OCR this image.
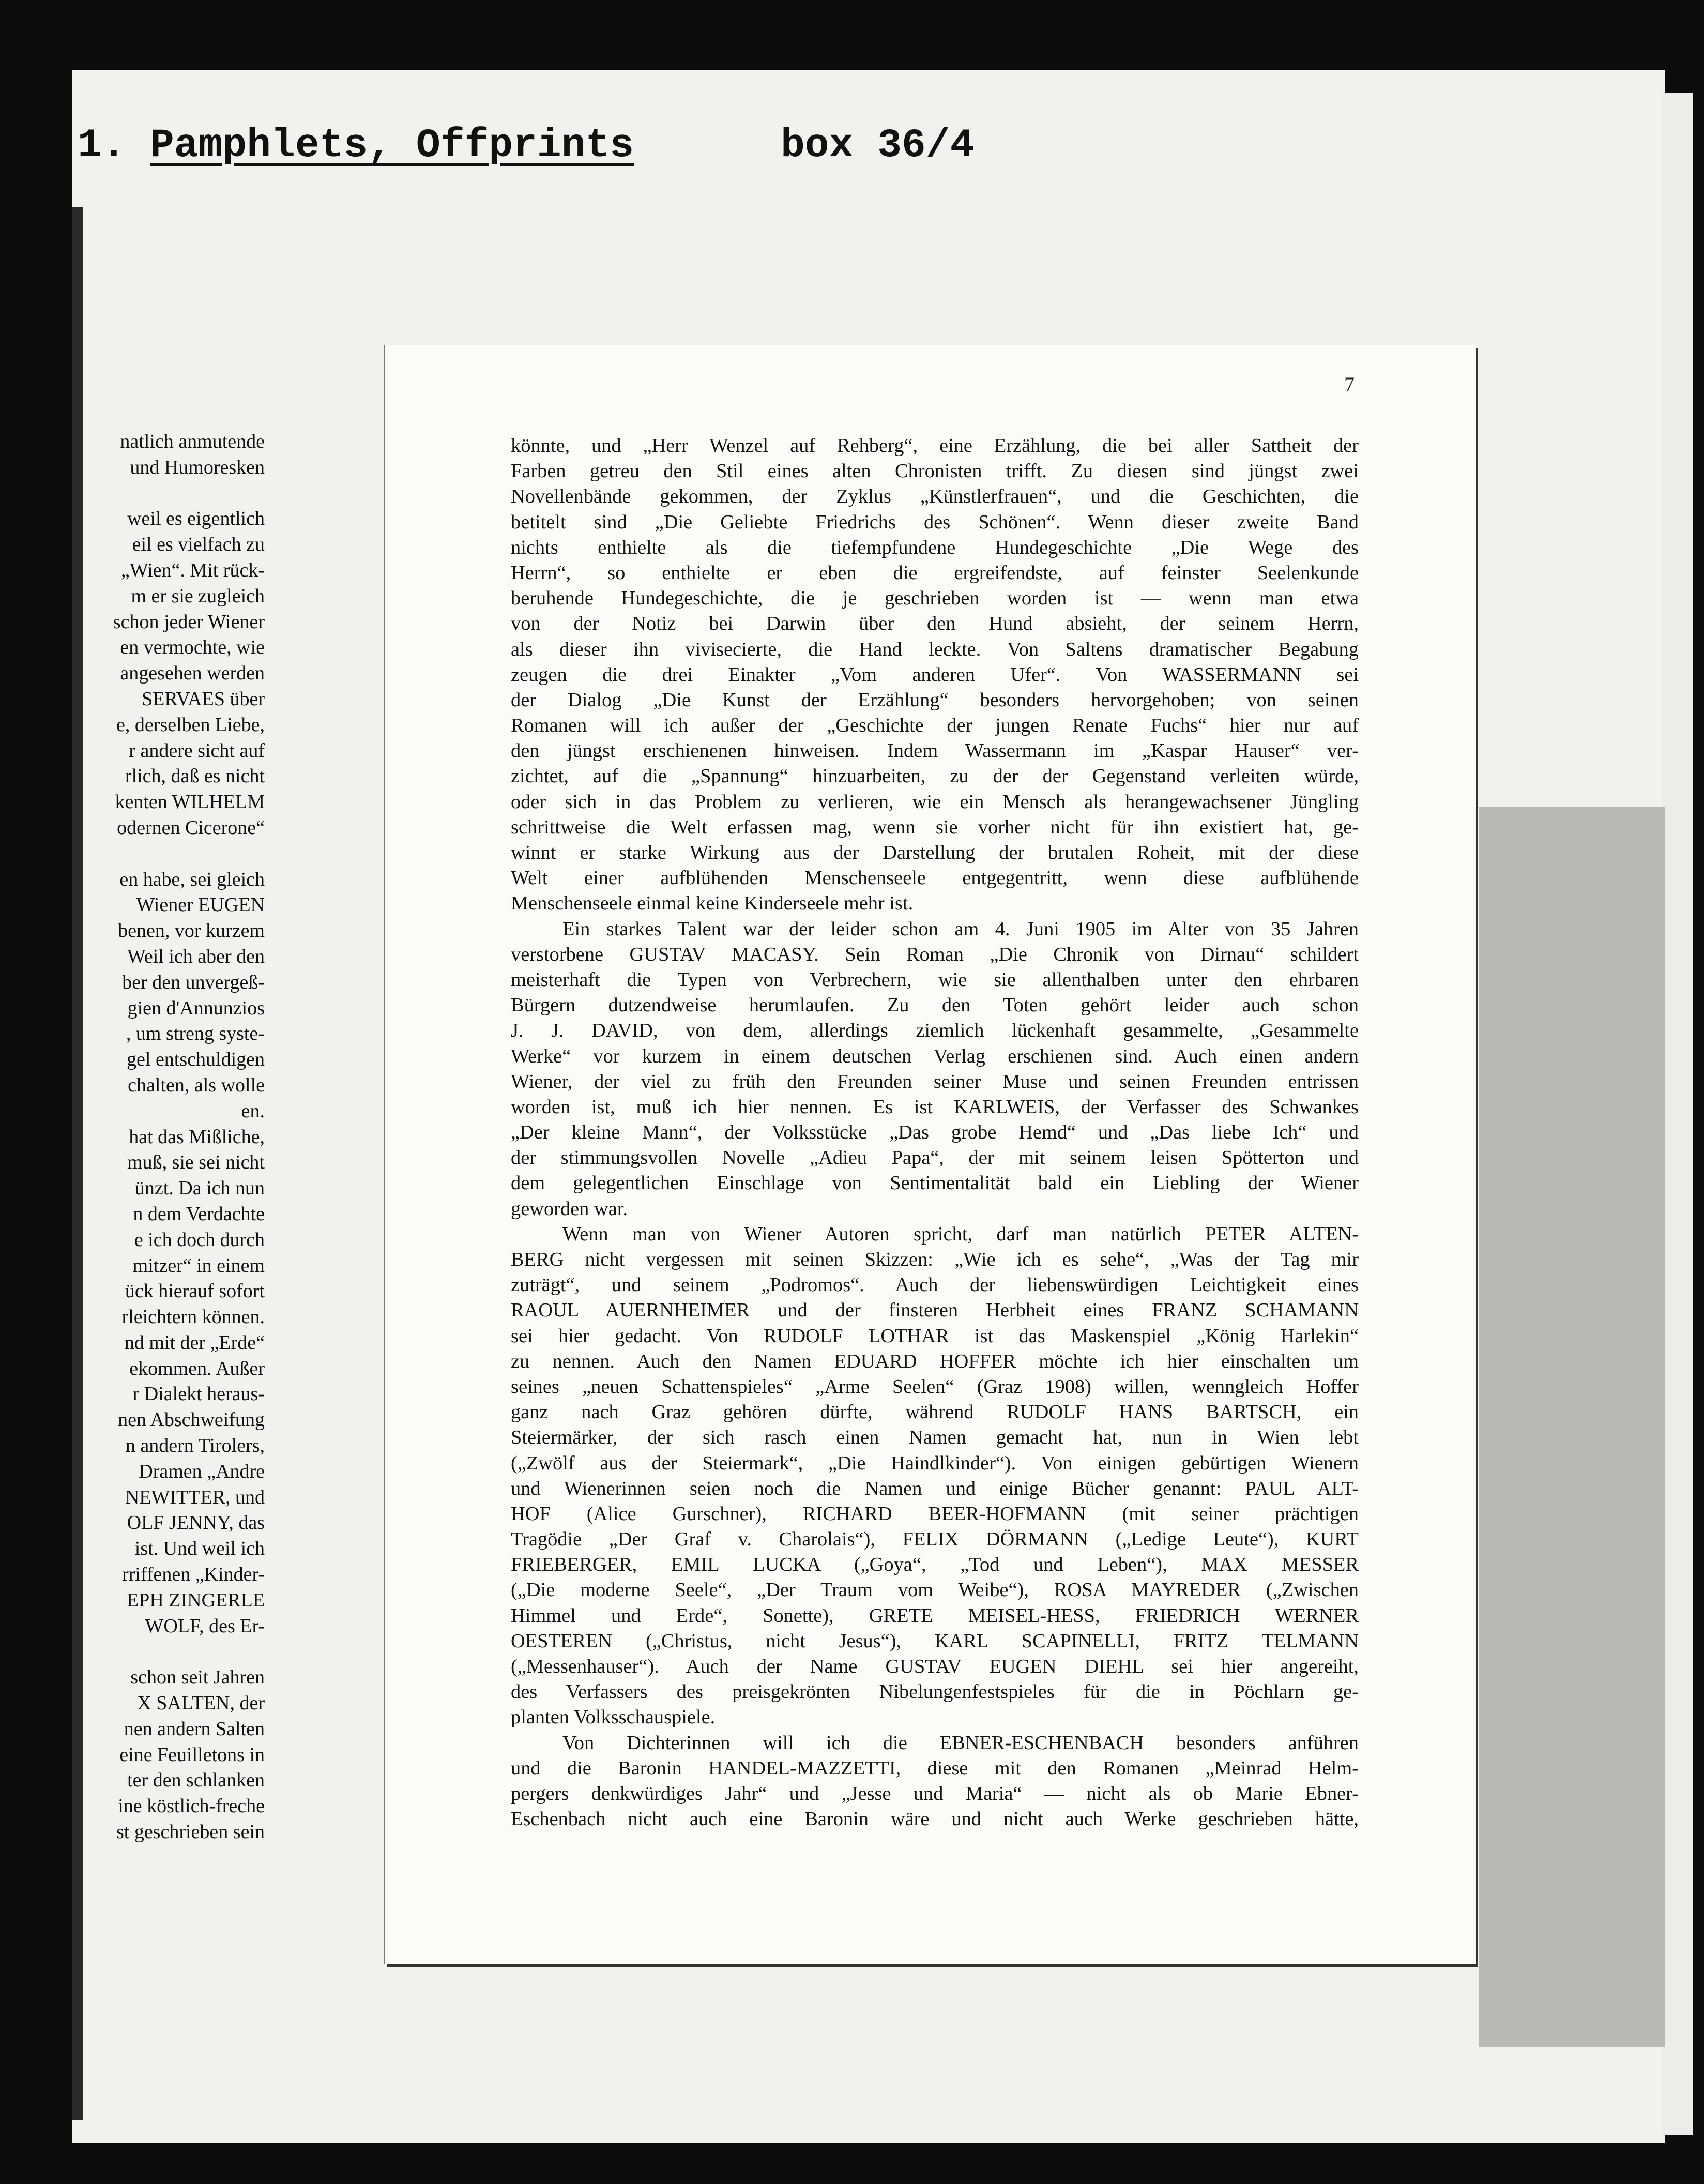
1.

Pamphlets, Offprints

	box 36/4

natlich anmutende
und Humoresken

weil es eigentlich
eil es vielfach zu
„Wien“. Mit rück-
m er sie zugleich
schon jeder Wiener
en vermochte, wie
angesehen werden
SERVAES über
e, derselben Liebe,
r andere sicht auf
rlich, daß es nicht
kenten WILHELM
odernen Cicerone“

en habe, sei gleich
Wiener EUGEN
benen, vor kurzem
Weil ich aber den
ber den unvergeß-
gien d'Annunzios
, um streng syste-
gel entschuldigen
chalten, als wolle
en.
hat das Mißliche,
muß, sie sei nicht
ünzt. Da ich nun
n dem Verdachte
e ich doch durch
mitzer“ in einem
ück hierauf sofort
rleichtern können.
nd mit der „Erde“
ekommen. Außer
r Dialekt heraus-
nen Abschweifung
n andern Tirolers,
Dramen „Andre
NEWITTER, und
OLF JENNY, das
ist. Und weil ich
rriffenen „Kinder-
EPH ZINGERLE
WOLF, des Er-

schon seit Jahren
X SALTEN, der
nen andern Salten
eine Feuilletons in
ter den schlanken
ine köstlich-freche
st geschrieben sein
7
könnte, und „Herr Wenzel auf Rehberg“, eine Erzählung, die bei aller Sattheit der
Farben getreu den Stil eines alten Chronisten trifft. Zu diesen sind jüngst zwei
Novellenbände gekommen, der Zyklus „Künstlerfrauen“, und die Geschichten, die
betitelt sind „Die Geliebte Friedrichs des Schönen“. Wenn dieser zweite Band
nichts enthielte als die tiefempfundene Hundegeschichte „Die Wege des
Herrn“, so enthielte er eben die ergreifendste, auf feinster Seelenkunde
beruhende Hundegeschichte, die je geschrieben worden ist — wenn man etwa
von der Notiz bei Darwin über den Hund absieht, der seinem Herrn,
als dieser ihn vivisecierte, die Hand leckte. Von Saltens dramatischer Begabung
zeugen die drei Einakter „Vom anderen Ufer“. Von WASSERMANN sei
der Dialog „Die Kunst der Erzählung“ besonders hervorgehoben; von seinen
Romanen will ich außer der „Geschichte der jungen Renate Fuchs“ hier nur auf
den jüngst erschienenen hinweisen. Indem Wassermann im „Kaspar Hauser“ ver-
zichtet, auf die „Spannung“ hinzuarbeiten, zu der der Gegenstand verleiten würde,
oder sich in das Problem zu verlieren, wie ein Mensch als herangewachsener Jüngling
schrittweise die Welt erfassen mag, wenn sie vorher nicht für ihn existiert hat, ge-
winnt er starke Wirkung aus der Darstellung der brutalen Roheit, mit der diese
Welt einer aufblühenden Menschenseele entgegentritt, wenn diese aufblühende
Menschenseele einmal keine Kinderseele mehr ist.
Ein starkes Talent war der leider schon am 4. Juni 1905 im Alter von 35 Jahren
verstorbene GUSTAV MACASY. Sein Roman „Die Chronik von Dirnau“ schildert
meisterhaft die Typen von Verbrechern, wie sie allenthalben unter den ehrbaren
Bürgern dutzendweise herumlaufen. Zu den Toten gehört leider auch schon
J. J. DAVID, von dem, allerdings ziemlich lückenhaft gesammelte, „Gesammelte
Werke“ vor kurzem in einem deutschen Verlag erschienen sind. Auch einen andern
Wiener, der viel zu früh den Freunden seiner Muse und seinen Freunden entrissen
worden ist, muß ich hier nennen. Es ist KARLWEIS, der Verfasser des Schwankes
„Der kleine Mann“, der Volksstücke „Das grobe Hemd“ und „Das liebe Ich“ und
der stimmungsvollen Novelle „Adieu Papa“, der mit seinem leisen Spötterton und
dem gelegentlichen Einschlage von Sentimentalität bald ein Liebling der Wiener
geworden war.
Wenn man von Wiener Autoren spricht, darf man natürlich PETER ALTEN-
BERG nicht vergessen mit seinen Skizzen: „Wie ich es sehe“, „Was der Tag mir
zuträgt“, und seinem „Podromos“. Auch der liebenswürdigen Leichtigkeit eines
RAOUL AUERNHEIMER und der finsteren Herbheit eines FRANZ SCHAMANN
sei hier gedacht. Von RUDOLF LOTHAR ist das Maskenspiel „König Harlekin“
zu nennen. Auch den Namen EDUARD HOFFER möchte ich hier einschalten um
seines „neuen Schattenspieles“ „Arme Seelen“ (Graz 1908) willen, wenngleich Hoffer
ganz nach Graz gehören dürfte, während RUDOLF HANS BARTSCH, ein
Steiermärker, der sich rasch einen Namen gemacht hat, nun in Wien lebt
(„Zwölf aus der Steiermark“, „Die Haindlkinder“). Von einigen gebürtigen Wienern
und Wienerinnen seien noch die Namen und einige Bücher genannt: PAUL ALT-
HOF (Alice Gurschner), RICHARD BEER-HOFMANN (mit seiner prächtigen
Tragödie „Der Graf v. Charolais“), FELIX DÖRMANN („Ledige Leute“), KURT
FRIEBERGER, EMIL LUCKA („Goya“, „Tod und Leben“), MAX MESSER
(„Die moderne Seele“, „Der Traum vom Weibe“), ROSA MAYREDER („Zwischen
Himmel und Erde“, Sonette), GRETE MEISEL-HESS, FRIEDRICH WERNER
OESTEREN („Christus, nicht Jesus“), KARL SCAPINELLI, FRITZ TELMANN
(„Messenhauser“). Auch der Name GUSTAV EUGEN DIEHL sei hier angereiht,
des Verfassers des preisgekrönten Nibelungenfestspieles für die in Pöchlarn ge-
planten Volksschauspiele.
Von Dichterinnen will ich die EBNER-ESCHENBACH besonders anführen
und die Baronin HANDEL-MAZZETTI, diese mit den Romanen „Meinrad Helm-
pergers denkwürdiges Jahr“ und „Jesse und Maria“ — nicht als ob Marie Ebner-
Eschenbach nicht auch eine Baronin wäre und nicht auch Werke geschrieben hätte,
